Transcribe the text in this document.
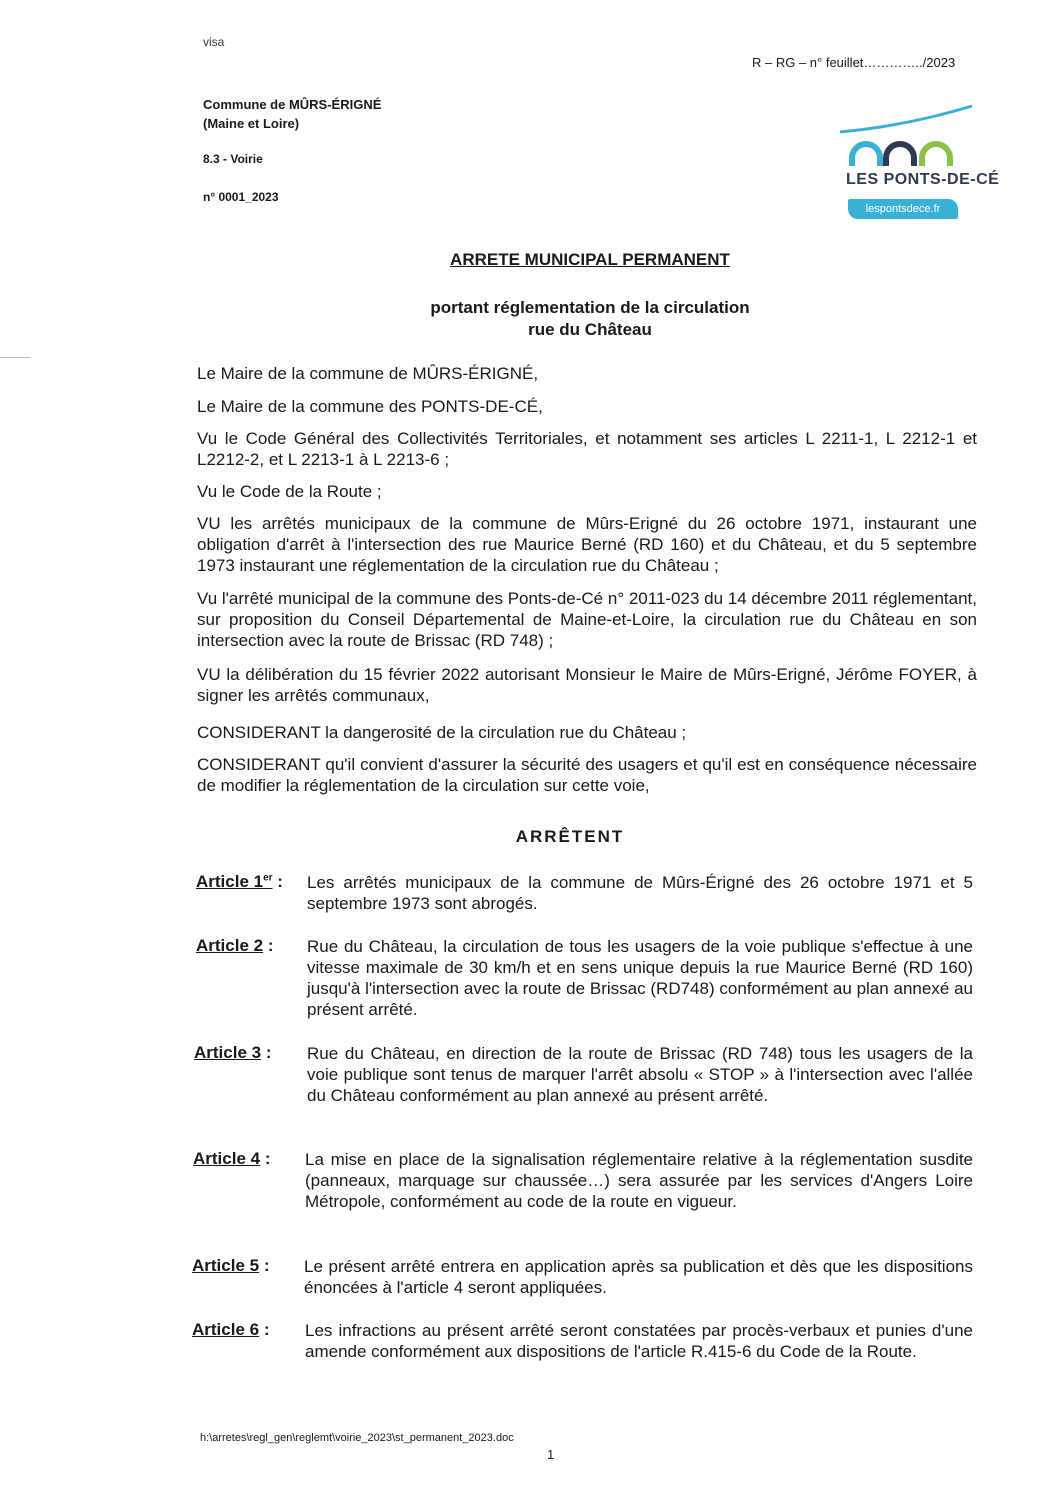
visa
R – RG – n° feuillet…………../2023
Commune de MÛRS-ÉRIGNÉ
(Maine et Loire)
8.3 - Voirie
n° 0001_2023
LES PONTS-DE-CÉ
lespontsdece.fr
ARRETE MUNICIPAL PERMANENT
portant réglementation de la circulation
rue du Château
Le Maire de la commune de MÛRS-ÉRIGNÉ,
Le Maire de la commune des PONTS-DE-CÉ,
Vu le Code Général des Collectivités Territoriales, et notamment ses articles L 2211-1, L 2212-1 et L2212-2, et L 2213-1 à L 2213-6 ;
Vu le Code de la Route ;
VU les arrêtés municipaux de la commune de Mûrs-Erigné du 26 octobre 1971, instaurant une obligation d'arrêt à l'intersection des rue Maurice Berné (RD 160) et du Château, et du 5 septembre 1973 instaurant une réglementation de la circulation rue du Château ;
Vu l'arrêté municipal de la commune des Ponts-de-Cé n° 2011-023 du 14 décembre 2011 réglementant, sur proposition du Conseil Départemental de Maine-et-Loire, la circulation rue du Château en son intersection avec la route de Brissac (RD 748) ;
VU la délibération du 15 février 2022 autorisant Monsieur le Maire de Mûrs-Erigné, Jérôme FOYER, à signer les arrêtés communaux,
CONSIDERANT la dangerosité de la circulation rue du Château ;
CONSIDERANT qu'il convient d'assurer la sécurité des usagers et qu'il est en conséquence nécessaire de modifier la réglementation de la circulation sur cette voie,
ARRÊTENT
Article 1er : Les arrêtés municipaux de la commune de Mûrs-Érigné des 26 octobre 1971 et 5 septembre 1973 sont abrogés.
Article 2 : Rue du Château, la circulation de tous les usagers de la voie publique s'effectue à une vitesse maximale de 30 km/h et en sens unique depuis la rue Maurice Berné (RD 160) jusqu'à l'intersection avec la route de Brissac (RD748) conformément au plan annexé au présent arrêté.
Article 3 : Rue du Château, en direction de la route de Brissac (RD 748) tous les usagers de la voie publique sont tenus de marquer l'arrêt absolu « STOP » à l'intersection avec l'allée du Château conformément au plan annexé au présent arrêté.
Article 4 : La mise en place de la signalisation réglementaire relative à la réglementation susdite (panneaux, marquage sur chaussée…) sera assurée par les services d'Angers Loire Métropole, conformément au code de la route en vigueur.
Article 5 : Le présent arrêté entrera en application après sa publication et dès que les dispositions énoncées à l'article 4 seront appliquées.
Article 6 : Les infractions au présent arrêté seront constatées par procès-verbaux et punies d'une amende conformément aux dispositions de l'article R.415-6 du Code de la Route.
h:\arretes\regl_gen\reglemt\voirie_2023\st_permanent_2023.doc
1
